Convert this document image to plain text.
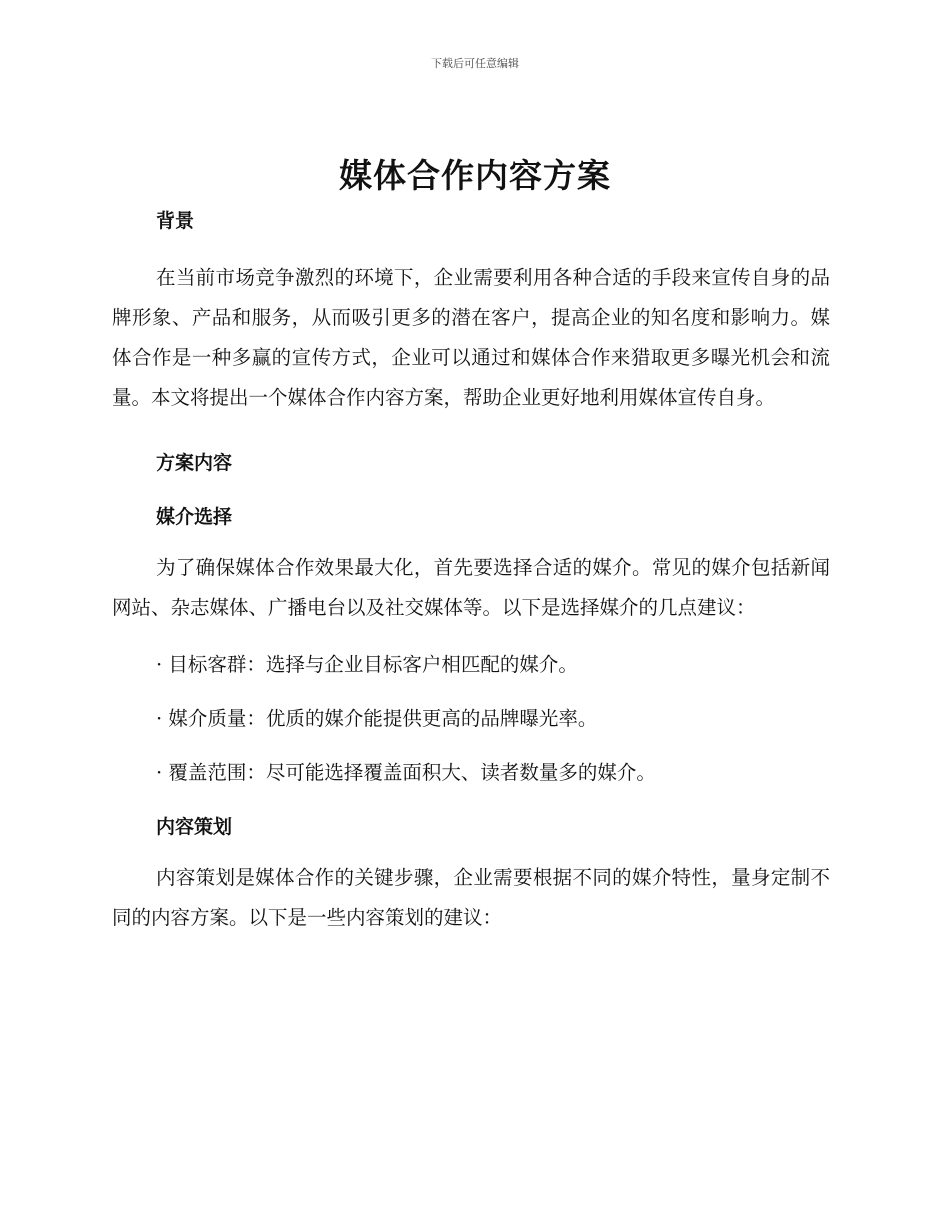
下载后可任意编辑
媒体合作内容方案
背景

在当前市场竞争激烈的环境下，企业需要利用各种合适的手段来宣传自身的品牌形象、产品和服务，从而吸引更多的潜在客户，提高企业的知名度和影响力。媒体合作是一种多赢的宣传方式，企业可以通过和媒体合作来猎取更多曝光机会和流量。本文将提出一个媒体合作内容方案，帮助企业更好地利用媒体宣传自身。

方案内容
媒介选择

为了确保媒体合作效果最大化，首先要选择合适的媒介。常见的媒介包括新闻网站、杂志媒体、广播电台以及社交媒体等。以下是选择媒介的几点建议：

· 目标客群：选择与企业目标客户相匹配的媒介。

· 媒介质量：优质的媒介能提供更高的品牌曝光率。

· 覆盖范围：尽可能选择覆盖面积大、读者数量多的媒介。

内容策划

内容策划是媒体合作的关键步骤，企业需要根据不同的媒介特性，量身定制不同的内容方案。以下是一些内容策划的建议：
